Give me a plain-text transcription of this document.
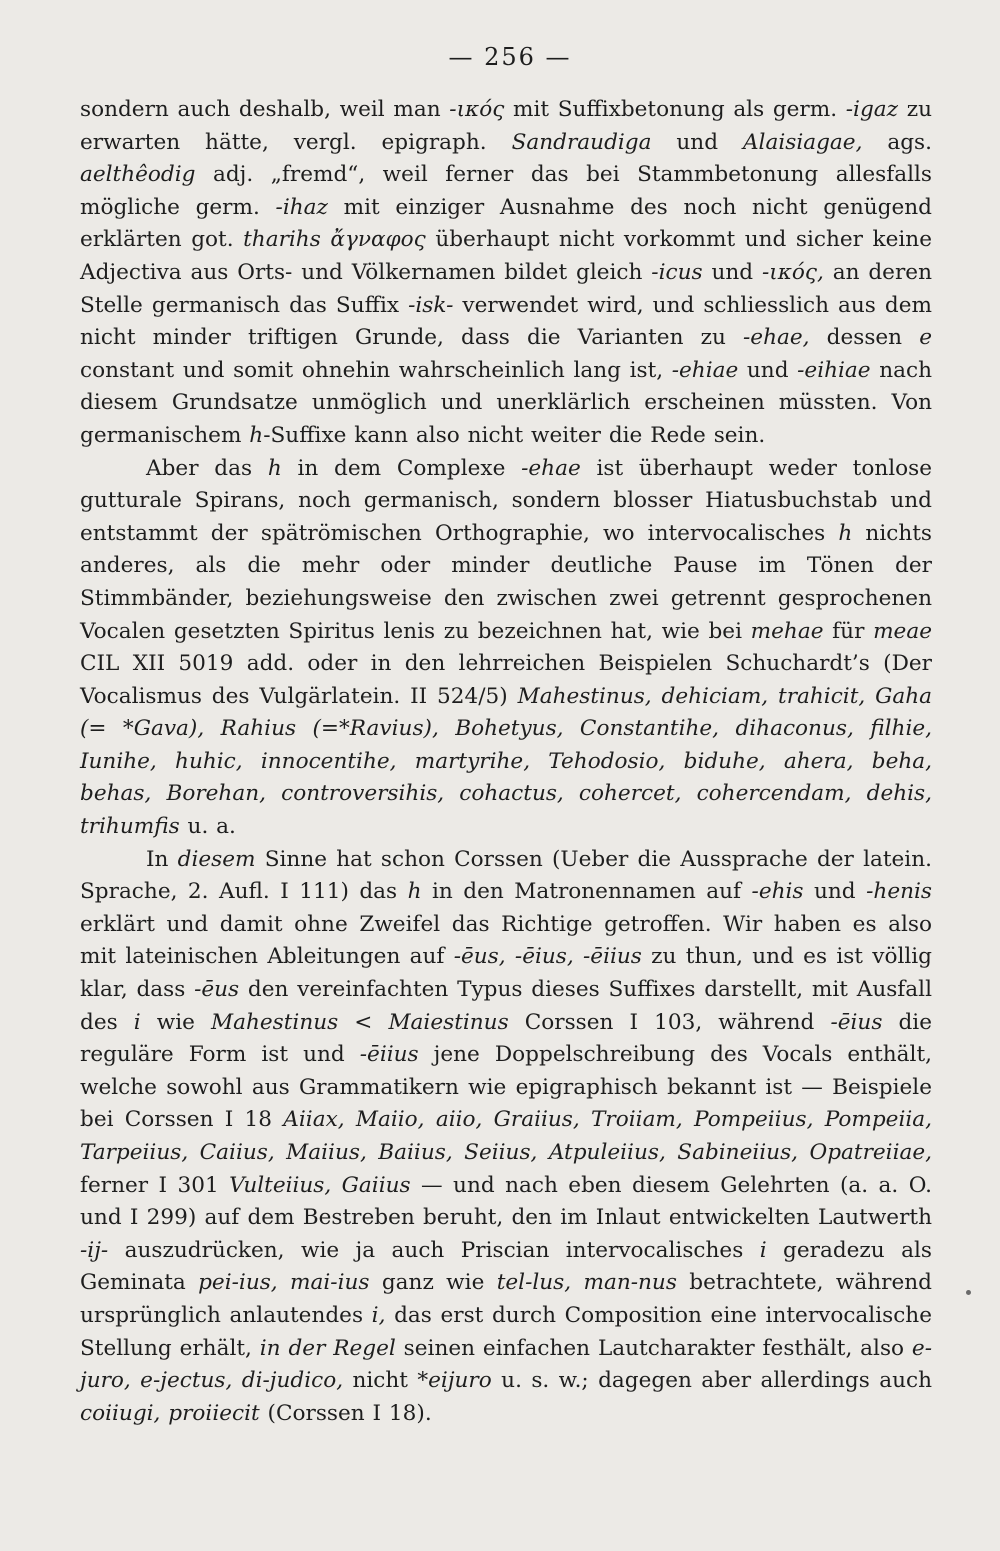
— 256 —

sondern auch deshalb, weil man -ικός mit Suffixbetonung als germ. -igaz zu erwarten hätte, vergl. epigraph. Sandraudiga und Alaisiagae, ags. aelthêodig adj. „fremd“, weil ferner das bei Stammbetonung allesfalls mögliche germ. -ihaz mit einziger Ausnahme des noch nicht genügend erklärten got. tharihs ἄγναφος überhaupt nicht vorkommt und sicher keine Adjectiva aus Orts- und Völkernamen bildet gleich -icus und -ικός, an deren Stelle germanisch das Suffix -isk- verwendet wird, und schliesslich aus dem nicht minder triftigen Grunde, dass die Varianten zu -ehae, dessen e constant und somit ohnehin wahrscheinlich lang ist, -ehiae und -eihiae nach diesem Grundsatze unmöglich und unerklärlich erscheinen müssten. Von germanischem h-Suffixe kann also nicht weiter die Rede sein.

Aber das h in dem Complexe -ehae ist überhaupt weder tonlose gutturale Spirans, noch germanisch, sondern blosser Hiatusbuchstab und entstammt der spätrömischen Orthographie, wo intervocalisches h nichts anderes, als die mehr oder minder deutliche Pause im Tönen der Stimmbänder, beziehungsweise den zwischen zwei getrennt gesprochenen Vocalen gesetzten Spiritus lenis zu bezeichnen hat, wie bei mehae für meae CIL XII 5019 add. oder in den lehrreichen Beispielen Schuchardt’s (Der Vocalismus des Vulgärlatein. II 524/5) Mahestinus, dehiciam, trahicit, Gaha (= *Gava), Rahius (=*Ravius), Bohetyus, Constantihe, dihaconus, filhie, Iunihe, huhic, innocentihe, martyrihe, Tehodosio, biduhe, ahera, beha, behas, Borehan, controversihis, cohactus, cohercet, cohercendam, dehis, trihumfis u. a.

In diesem Sinne hat schon Corssen (Ueber die Aussprache der latein. Sprache, 2. Aufl. I 111) das h in den Matronennamen auf -ehis und -henis erklärt und damit ohne Zweifel das Richtige getroffen. Wir haben es also mit lateinischen Ableitungen auf -ēus, -ēius, -ēiius zu thun, und es ist völlig klar, dass -ēus den vereinfachten Typus dieses Suffixes darstellt, mit Ausfall des i wie Mahestinus < Maiestinus Corssen I 103, während -ēius die reguläre Form ist und -ēiius jene Doppelschreibung des Vocals enthält, welche sowohl aus Grammatikern wie epigraphisch bekannt ist — Beispiele bei Corssen I 18 Aiiax, Maiio, aiio, Graiius, Troiiam, Pompeiius, Pompeiia, Tarpeiius, Caiius, Maiius, Baiius, Seiius, Atpuleiius, Sabineiius, Opatreiiae, ferner I 301 Vulteiius, Gaiius — und nach eben diesem Gelehrten (a. a. O. und I 299) auf dem Bestreben beruht, den im Inlaut entwickelten Lautwerth -ij- auszudrücken, wie ja auch Priscian intervocalisches i geradezu als Geminata pei-ius, mai-ius ganz wie tel-lus, man-nus betrachtete, während ursprünglich anlautendes i, das erst durch Composition eine intervocalische Stellung erhält, in der Regel seinen einfachen Lautcharakter festhält, also e-juro, e-jectus, di-judico, nicht *eijuro u. s. w.; dagegen aber allerdings auch coiiugi, proiiecit (Corssen I 18).
